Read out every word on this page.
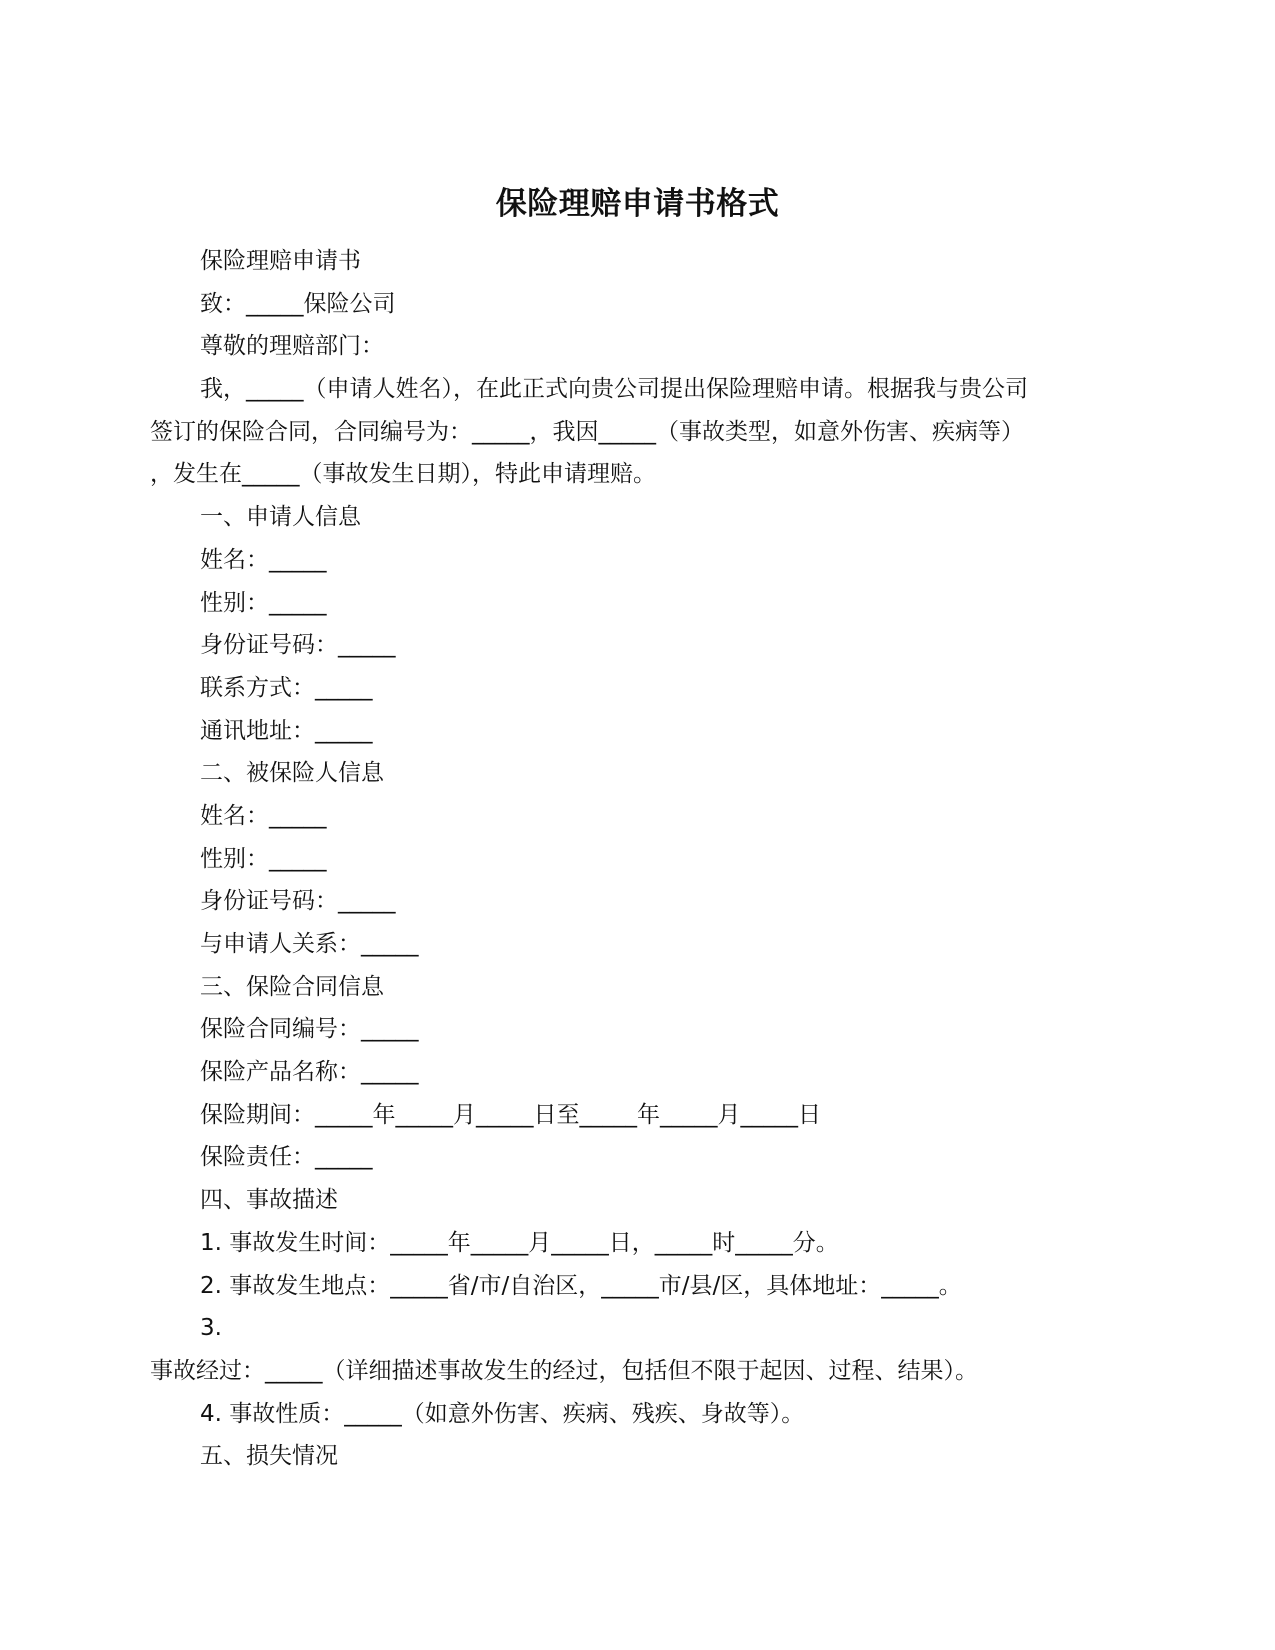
保险理赔申请书格式
保险理赔申请书
致：_____保险公司
尊敬的理赔部门：
我，_____（申请人姓名），在此正式向贵公司提出保险理赔申请。根据我与贵公司
签订的保险合同，合同编号为：_____，我因_____（事故类型，如意外伤害、疾病等）
，发生在_____（事故发生日期），特此申请理赔。
一、申请人信息
姓名：_____
性别：_____
身份证号码：_____
联系方式：_____
通讯地址：_____
二、被保险人信息
姓名：_____
性别：_____
身份证号码：_____
与申请人关系：_____
三、保险合同信息
保险合同编号：_____
保险产品名称：_____
保险期间：_____年_____月_____日至_____年_____月_____日
保险责任：_____
四、事故描述
1. 事故发生时间：_____年_____月_____日，_____时_____分。
2. 事故发生地点：_____省/市/自治区，_____市/县/区，具体地址：_____。
3.
事故经过：_____（详细描述事故发生的经过，包括但不限于起因、过程、结果）。
4. 事故性质：_____（如意外伤害、疾病、残疾、身故等）。
五、损失情况
